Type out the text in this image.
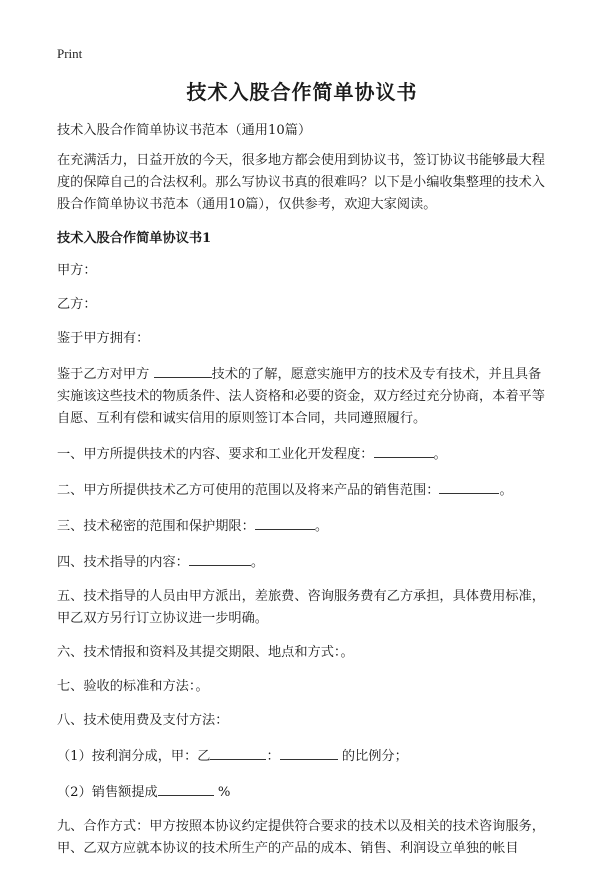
Print
技术入股合作简单协议书

技术入股合作简单协议书范本（通用10篇）

在充满活力，日益开放的今天，很多地方都会使用到协议书，签订协议书能够最大程度的保障自己的合法权利。那么写协议书真的很难吗？以下是小编收集整理的技术入股合作简单协议书范本（通用10篇），仅供参考，欢迎大家阅读。

技术入股合作简单协议书1

甲方：

乙方：

鉴于甲方拥有：

鉴于乙方对甲方	技术的了解，愿意实施甲方的技术及专有技术，并且具备实施该这些技术的物质条件、法人资格和必要的资金，双方经过充分协商，本着平等自愿、互利有偿和诚实信用的原则签订本合同，共同遵照履行。

一、甲方所提供技术的内容、要求和工业化开发程度：	。

二、甲方所提供技术乙方可使用的范围以及将来产品的销售范围：	。

三、技术秘密的范围和保护期限：	。

四、技术指导的内容：	。

五、技术指导的人员由甲方派出，差旅费、咨询服务费有乙方承担，具体费用标准，甲乙双方另行订立协议进一步明确。

六、技术情报和资料及其提交期限、地点和方式：。

七、验收的标准和方法：。

八、技术使用费及支付方法：

（1）按利润分成，甲：乙	：	的比例分；

（2）销售额提成	%

九、合作方式：甲方按照本协议约定提供符合要求的技术以及相关的技术咨询服务，甲、乙双方应就本协议的技术所生产的产品的成本、销售、利润设立单独的帐目
